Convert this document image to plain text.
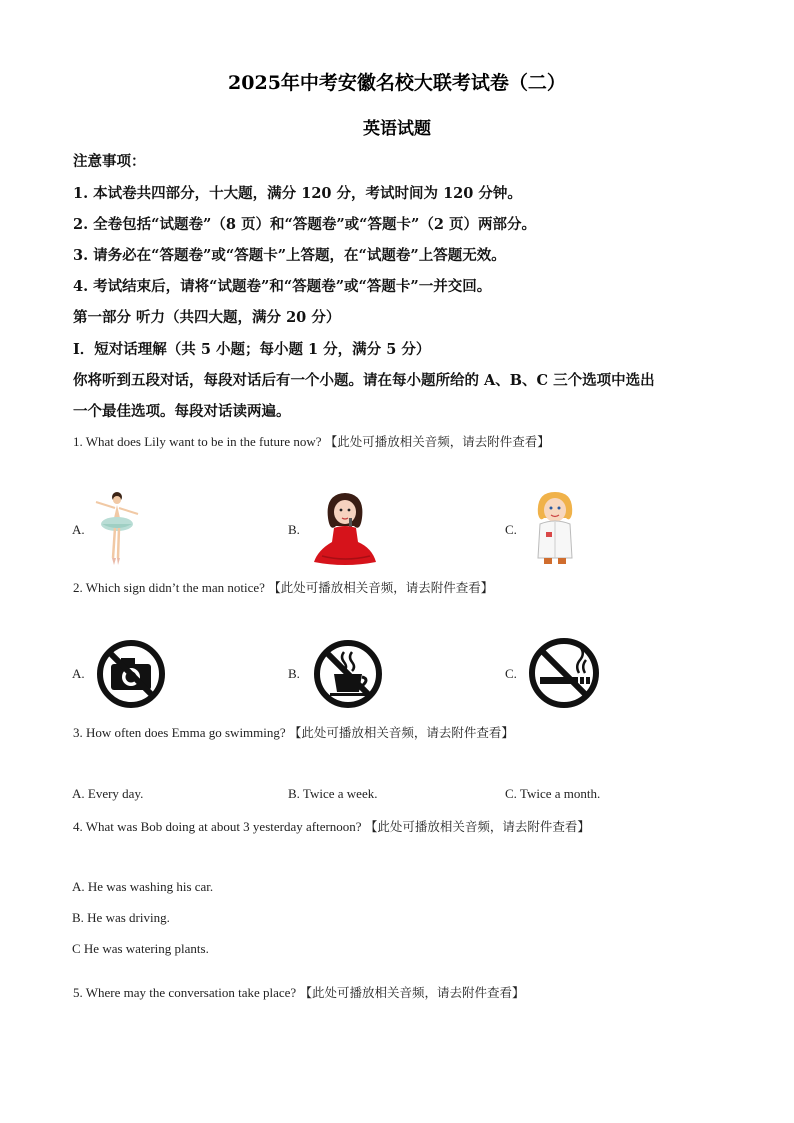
2025年中考安徽名校大联考试卷（二）
英语试题
注意事项：
1. 本试卷共四部分，十大题，满分 120 分，考试时间为 120 分钟。
2. 全卷包括“试题卷”（8 页）和“答题卷”或“答题卡”（2 页）两部分。
3. 请务必在“答题卷”或“答题卡”上答题，在“试题卷”上答题无效。
4. 考试结束后，请将“试题卷”和“答题卷”或“答题卡”一并交回。
第一部分 听力（共四大题，满分 20 分）
Ⅰ．短对话理解（共 5 小题；每小题 1 分，满分 5 分）
你将听到五段对话，每段对话后有一个小题。请在每小题所给的 A、B、C 三个选项中选出
一个最佳选项。每段对话读两遍。
1. What does Lily want to be in the future now? 【此处可播放相关音频，请去附件查看】
A.	B.	C.
2. Which sign didn’t the man notice? 【此处可播放相关音频，请去附件查看】
A.	B.	C.
3. How often does Emma go swimming? 【此处可播放相关音频，请去附件查看】
A. Every day.	B. Twice a week.	C. Twice a month.
4. What was Bob doing at about 3 yesterday afternoon? 【此处可播放相关音频，请去附件查看】
A. He was washing his car.
B. He was driving.
C He was watering plants.
5. Where may the conversation take place? 【此处可播放相关音频，请去附件查看】
